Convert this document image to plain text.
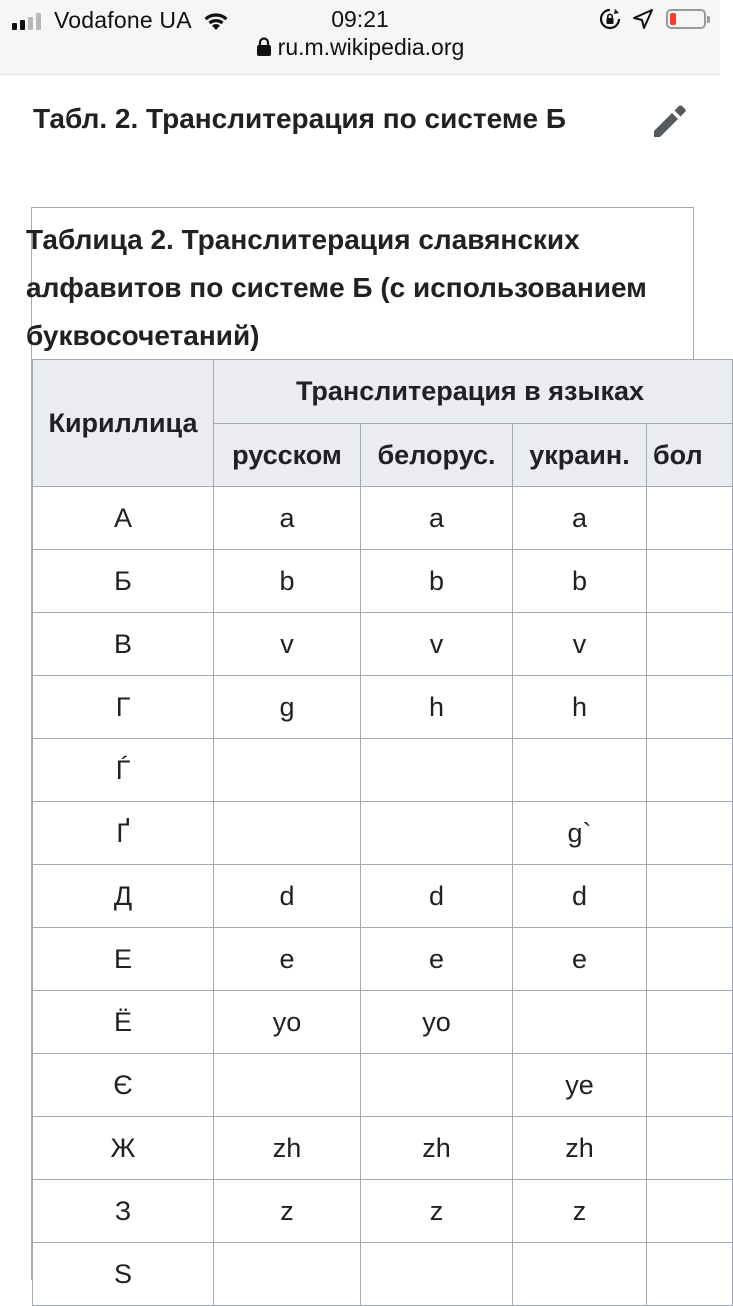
Vodafone UA	09:21
ru.m.wikipedia.org
Табл. 2. Транслитерация по системе Б
Таблица 2. Транслитерация славянских алфавитов по системе Б (с использованием буквосочетаний)
Кириллица	Транслитерация в языках			
	русском	белорус.	украин.	бол
А	a	a	a	
Б	b	b	b	
В	v	v	v	
Г	g	h	h	
Ѓ				
Ґ			g`	
Д	d	d	d	
Е	e	e	e	
Ё	yo	yo		
Є			ye	
Ж	zh	zh	zh	
З	z	z	z	
Ѕ				
